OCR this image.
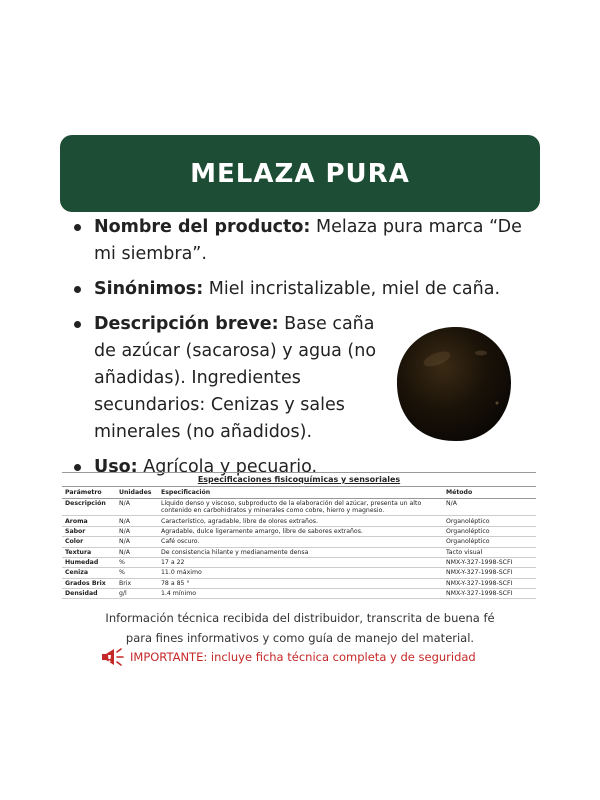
MELAZA PURA
Nombre del producto: Melaza pura marca “De mi siembra”.
Sinónimos: Miel incristalizable, miel de caña.
Descripción breve: Base caña de azúcar (sacarosa) y agua (no añadidas). Ingredientes secundarios: Cenizas y sales minerales (no añadidos).
Uso: Agrícola y pecuario.
Especificaciones fisicoquímicas y sensoriales
Parámetro	Unidades	Especificación	Método
Descripción	N/A	Líquido denso y viscoso, subproducto de la elaboración del azúcar, presenta un alto contenido en carbohidratos y minerales como cobre, hierro y magnesio.	N/A
Aroma	N/A	Característico, agradable, libre de olores extraños.	Organoléptico
Sabor	N/A	Agradable, dulce ligeramente amargo, libre de sabores extraños.	Organoléptico
Color	N/A	Café oscuro.	Organoléptico
Textura	N/A	De consistencia hilante y medianamente densa	Tacto visual
Humedad	%	17 a 22	NMX-Y-327-1998-SCFI
Ceniza	%	11.0 máximo	NMX-Y-327-1998-SCFI
Grados Brix	Brix	78 a 85 °	NMX-Y-327-1998-SCFI
Densidad	g/l	1.4 mínimo	NMX-Y-327-1998-SCFI
Información técnica recibida del distribuidor, transcrita de buena fé
para fines informativos y como guía de manejo del material.
IMPORTANTE: incluye ficha técnica completa y de seguridad
